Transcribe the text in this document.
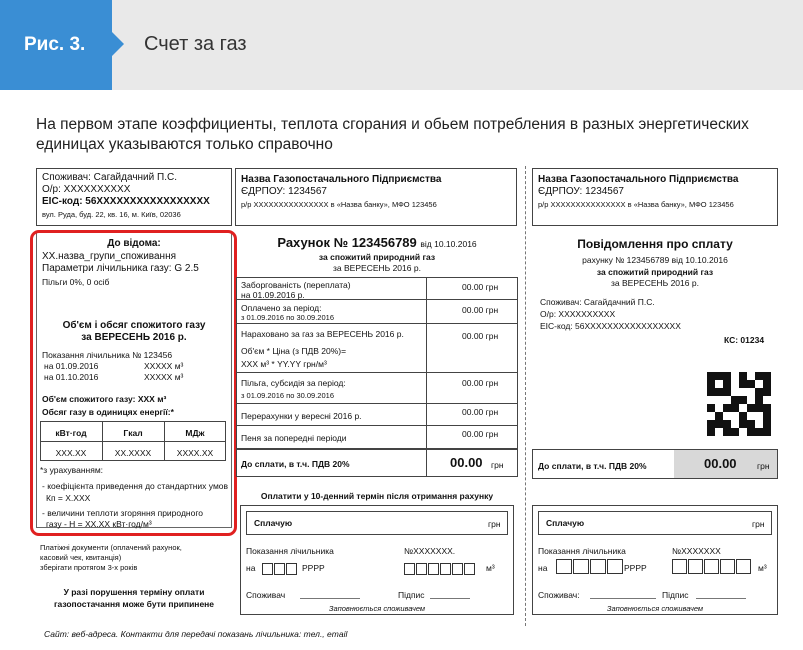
Рис. 3.	Счет за газ
На первом этапе коэффициенты, теплота сгорания и обьем потребления в разных энергетических единицах указываются только справочно
Споживач: Сагайдачний П.С.
О/р: XXXXXXXXXX
ЕІС-код: 56XXXXXXXXXXXXXXXXX
вул. Руда, буд. 22, кв. 16, м. Київ, 02036
Назва Газопостачального Підприємства
ЄДРПОУ: 1234567
р/р XXXXXXXXXXXXXXX в «Назва банку», МФО 123456
Назва Газопостачального Підприємства
ЄДРПОУ: 1234567
р/р XXXXXXXXXXXXXXX в «Назва банку», МФО 123456
До відома:
XX.назва_групи_споживання
Параметри лічильника газу: G 2.5
Пільги 0%, 0 осіб
Об'єм і обсяг спожитого газу
за ВЕРЕСЕНЬ 2016 р.
Показання лічильника № 123456
на 01.09.2016	XXXXX м³
на 01.10.2016	XXXXX м³
Об'єм спожитого газу: XXX м³
Обсяг газу в одиницях енергії:*
кВт·год	Гкал	МДж
XXX.XX	XX.XXXX	XXXX.XX
*з урахуванням:
- коефіцієнта приведення до стандартних умов
Кп = X.XXX
- величини теплоти згоряння природного
газу - H = XX.XX кВт·год/м³
Платіжні документи (оплачений рахунок,
касовий чек, квитанція)
зберігати протягом 3-х років
У разі порушення терміну оплати
газопостачання може бути припинене
Рахунок № 123456789 від 10.10.2016
за спожитий природний газ
за ВЕРЕСЕНЬ 2016 р.
Заборгованість (переплата)
на 01.09.2016 р.
00.00 грн
Оплачено за період:
з 01.09.2016 по 30.09.2016
00.00 грн
Нараховано за газ за ВЕРЕСЕНЬ 2016 р.
Об'єм * Ціна (з ПДВ 20%)=
XXX м³ * YY.YY грн/м³
00.00 грн
Пільга, субсидія за період:
з 01.09.2016 по 30.09.2016
00.00 грн
Перерахунки у вересні 2016 р.	00.00 грн
Пеня за попередні періоди	00.00 грн
До сплати, в т.ч. ПДВ 20%	00.00 грн
Оплатити у 10-денний термін після отримання рахунку
Сплачую	грн
Показання лічильника	№XXXXXXX.
на	РРРР	м³
Споживач	Підпис
Заповнюється споживачем
Повідомлення про сплату
рахунку № 123456789 від 10.10.2016
за спожитий природний газ
за ВЕРЕСЕНЬ 2016 р.
Споживач: Сагайдачний П.С.
О/р: XXXXXXXXXX
ЕІС-код: 56XXXXXXXXXXXXXXXXX
КС: 01234
До сплати, в т.ч. ПДВ 20%	00.00 грн
Сплачую	грн
Показання лічильника	№XXXXXXX
на	РРРР	м³
Споживач:	Підпис
Заповнюється споживачем
Сайт: веб-адреса. Контакти для передачі показань лічильника: тел., email
